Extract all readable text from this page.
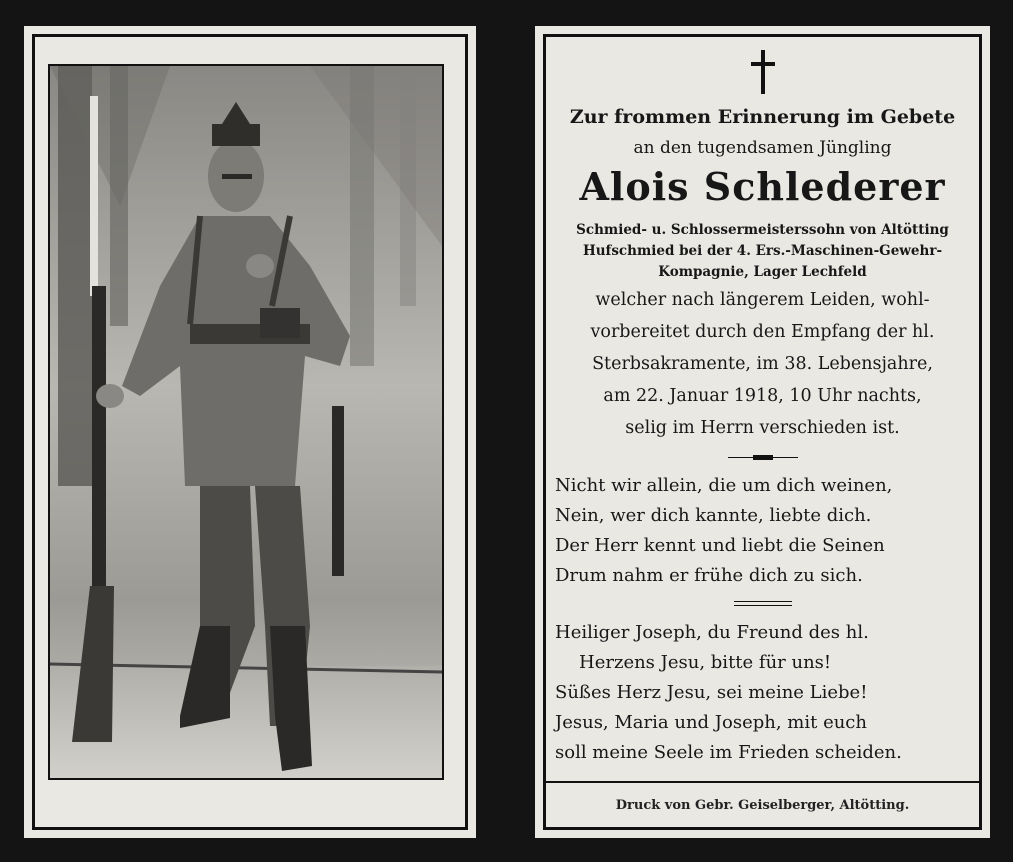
Zur frommen Erinnerung im Gebete

an den tugendsamen Jüngling

Alois Schlederer

Schmied- u. Schlossermeisterssohn von Altötting

Hufschmied bei der 4. Ers.-Maschinen-Gewehr-

Kompagnie, Lager Lechfeld

welcher nach längerem Leiden, wohl-

vorbereitet durch den Empfang der hl.

Sterbsakramente, im 38. Lebensjahre,

am 22. Januar 1918, 10 Uhr nachts,

selig im Herrn verschieden ist.

Nicht wir allein, die um dich weinen,
Nein, wer dich kannte, liebte dich.
Der Herr kennt und liebt die Seinen
Drum nahm er frühe dich zu sich.
Heiliger Joseph, du Freund des hl.
Herzens Jesu, bitte für uns!
Süßes Herz Jesu, sei meine Liebe!
Jesus, Maria und Joseph, mit euch
soll meine Seele im Frieden scheiden.
Druck von Gebr. Geiselberger, Altötting.
